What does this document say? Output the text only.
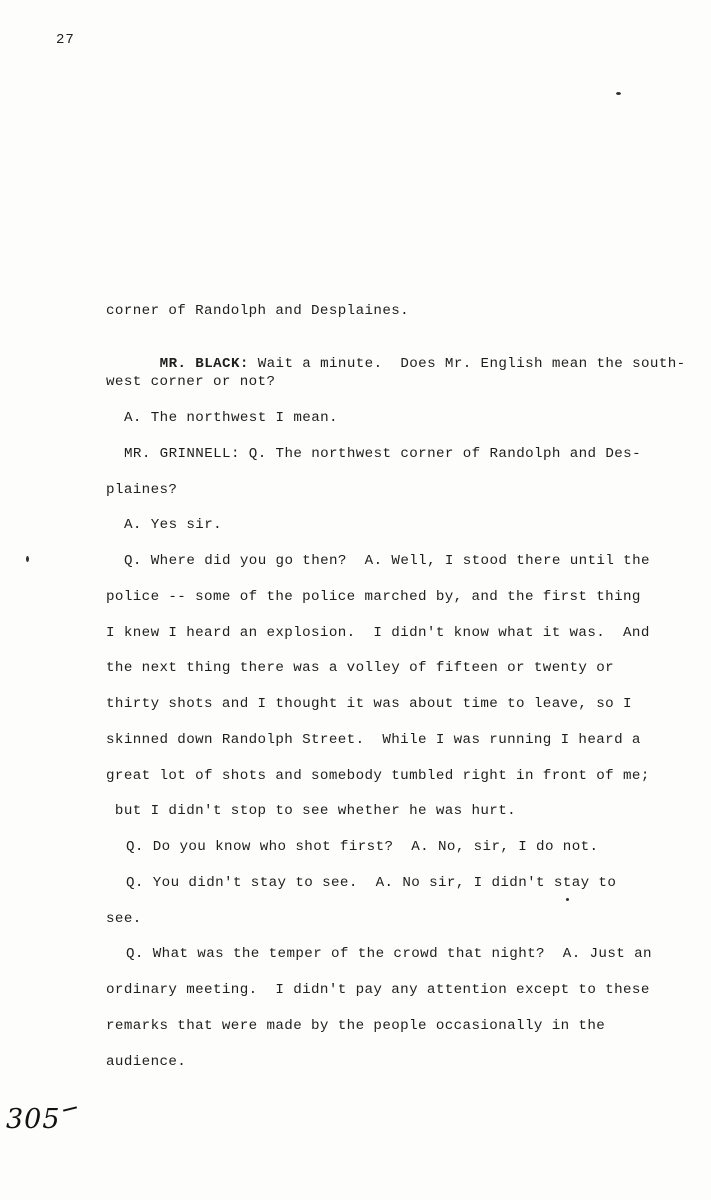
27
corner of Randolph and Desplaines.

MR. BLACK: Wait a minute.  Does Mr. English mean the south-

west corner or not?
A. The northwest I mean.
MR. GRINNELL: Q. The northwest corner of Randolph and Des-
plaines?
A. Yes sir.
Q. Where did you go then?  A. Well, I stood there until the
police -- some of the police marched by, and the first thing
I knew I heard an explosion.  I didn't know what it was.  And
the next thing there was a volley of fifteen or twenty or
thirty shots and I thought it was about time to leave, so I
skinned down Randolph Street.  While I was running I heard a
great lot of shots and somebody tumbled right in front of me;
but I didn't stop to see whether he was hurt.
Q. Do you know who shot first?  A. No, sir, I do not.
Q. You didn't stay to see.  A. No sir, I didn't stay to
see.
Q. What was the temper of the crowd that night?  A. Just an
ordinary meeting.  I didn't pay any attention except to these
remarks that were made by the people occasionally in the
audience.
305
